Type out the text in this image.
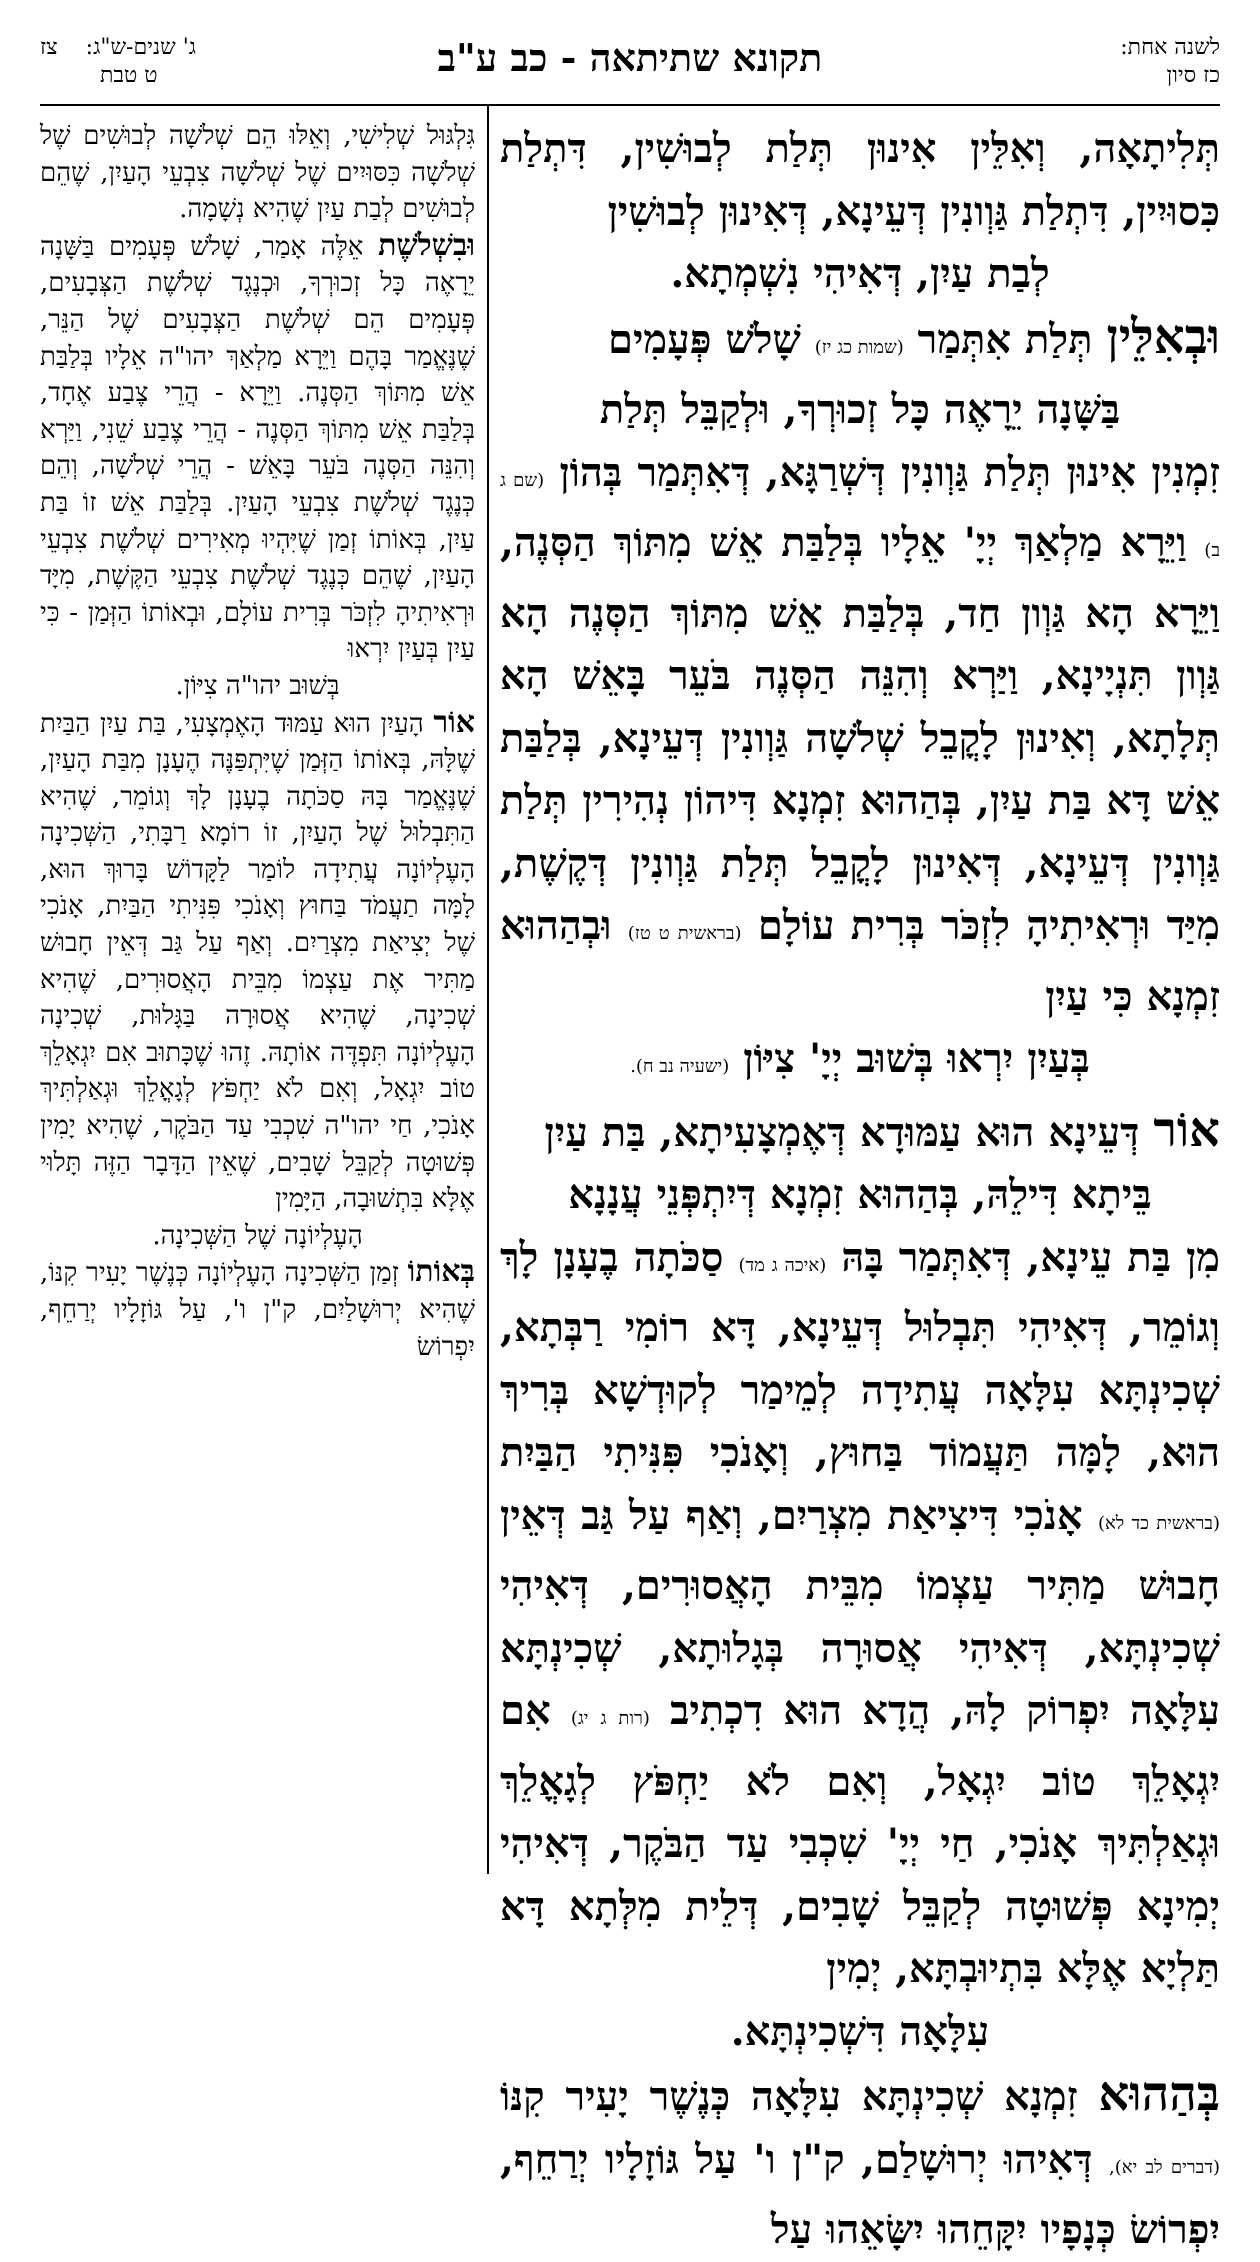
לשנה אחת:
כז סיון
תקונא שתיתאה - כב ע"ב
צז ג' שנים-ש"ג:
ט טבת

תְּלִיתָאָה, וְאִלֵּין אִינוּן תְּלַת לְבוּשִׁין, דִּתְלַת כִּסוּיִין, דִּתְלַת גַּוְונִין דְּעֵינָא, דְּאִינוּן לְבוּשִׁין

לְבַת עַיִן, דְּאִיהִי נִשְׁמְתָא.

וּבְאִלֵּין תְּלַת אִתְּמַר (שמות כג יז) שָׁלֹשׁ פְּעָמִים

בַּשָּׁנָה יֵרָאֶה כָּל זְכוּרְךָ, וּלְקַבֵּל תְּלַת

זִמְנִין אִינוּן תְּלַת גַּוְונִין דְּשְׁרַגָּא, דְּאִתְּמַר בְּהוֹן (שם ג ב) וַיֵּרָא מַלְאַךְ יְיָ' אֵלָיו בְּלַבַּת אֵשׁ מִתּוֹךְ הַסְּנֶה, וַיֵּרָא הָא גַּוְון חַד, בְּלַבַּת אֵשׁ מִתּוֹךְ הַסְּנֶה הָא גַּוְון תִּנְיָינָא, וַיַּרְא וְהִנֵּה הַסְּנֶה בֹּעֵר בָּאֵשׁ הָא תְּלָתָא, וְאִינוּן לָקֳבֵל שְׁלֹשָׁה גַּוְונִין דְּעֵינָא, בְּלַבַּת אֵשׁ דָּא בַּת עַיִן, בְּהַהוּא זִמְנָא דִּיהוֹן נְהִירִין תְּלַת גַּוְונִין דְּעֵינָא, דְּאִינוּן לָקֳבֵל תְּלַת גַּוְונִין דְּקֶשֶׁת, מִיַּד וּרְאִיתִיהָ לִזְכֹּר בְּרִית עוֹלָם (בראשית ט טז) וּבְהַהוּא זִמְנָא כִּי עַיִן

בְּעַיִן יִרְאוּ בְּשׁוּב יְיָ' צִיּוֹן (ישעיה נב ח).

אוֹר דְּעֵינָא הוּא עַמּוּדָא דְּאֶמְצָעִיתָא, בַּת עַיִן

בֵּיתָא דִּילֵהּ, בְּהַהוּא זִמְנָא דְּיִתְפְּנֵי עֲנָנָא

מִן בַּת עֵינָא, דְּאִתְּמַר בָּהּ (איכה ג מד) סַכֹּתָה בֶעָנָן לָךְ וְגוֹמֵר, דְּאִיהִי תִּבְלוּל דְּעֵינָא, דָּא רוֹמִי רַבְּתָא, שְׁכִינְתָּא עִלָּאָה עֲתִידָה לְמֵימַר לְקוּדְשָׁא בְּרִיךְ הוּא, לָמָּה תַּעֲמוֹד בַּחוּץ, וְאָנֹכִי פִּנִּיתִי הַבַּיִת (בראשית כד לא) אָנֹכִי דִּיצִיאַת מִצְרַיִם, וְאַף עַל גַּב דְּאֵין חָבוּשׁ מַתִּיר עַצְמוֹ מִבֵּית הָאֲסוּרִים, דְּאִיהִי שְׁכִינְתָּא, דְּאִיהִי אֲסוּרָה בְּגָלוּתָא, שְׁכִינְתָּא עִלָּאָה יִפְרוֹק לָהּ, הֲדָא הוּא דִכְתִיב (רות ג יג) אִם יִגְאָלֵךְ טוֹב יִגְאָל, וְאִם לֹא יַחְפֹּץ לְגָאֳלֵךְ וּגְאַלְתִּיךְ אָנֹכִי, חַי יְיָ' שִׁכְבִי עַד הַבֹּקֶר, דְּאִיהִי יְמִינָא פְּשׁוּטָה לְקַבֵּל שָׁבִים, דְּלֵית מִלְּתָא דָּא תַּלְיָא אֶלָּא בִּתְיוּבְתָּא, יְמִין

עִלָּאָה דִּשְׁכִינְתָּא.

בְּהַהוּא זִמְנָא שְׁכִינְתָּא עִלָּאָה כְּנֶשֶׁר יָעִיר קִנּוֹ (דברים לב יא), דְּאִיהוּ יְרוּשָׁלַם, ק"ן ו' עַל גּוֹזָלָיו יְרַחֵף, יִפְרוֹשׂ כְּנָפָיו יִקָּחֵהוּ יִשָּׂאֵהוּ עַל

גִּלְגּוּל שְׁלִישִׁי, וְאֵלּוּ הֵם שְׁלֹשָׁה לְבוּשִׁים שֶׁל שְׁלֹשָׁה כִּסּוּיִים שֶׁל שְׁלֹשָׁה צִבְעֵי הָעַיִן, שֶׁהֵם לְבוּשִׁים לְבַת עַיִן שֶׁהִיא נְשָׁמָה.

וּבִשְׁלֹשֶׁת אֵלֶּה אָמַר, שָׁלֹשׁ פְּעָמִים בַּשָּׁנָה יֵרָאֶה כָּל זְכוּרְךָ, וּכְנֶגֶד שְׁלֹשֶׁת הַצְּבָעִים, פְּעָמִים הֵם שְׁלֹשֶׁת הַצְּבָעִים שֶׁל הַנֵּר, שֶׁנֶּאֱמַר בָּהֶם וַיֵּרָא מַלְאַךְ יהו"ה אֵלָיו בְּלַבַּת אֵשׁ מִתּוֹךְ הַסְּנֶה. וַיֵּרָא - הֲרֵי צֶבַע אֶחָד, בְּלַבַּת אֵשׁ מִתּוֹךְ הַסְּנֶה - הֲרֵי צֶבַע שֵׁנִי, וַיַּרְא וְהִנֵּה הַסְּנֶה בֹּעֵר בָּאֵשׁ - הֲרֵי שְׁלֹשָׁה, וְהֵם כְּנֶגֶד שְׁלֹשֶׁת צִבְעֵי הָעַיִן. בְּלַבַּת אֵשׁ זוֹ בַּת עַיִן, בְּאוֹתוֹ זְמַן שֶׁיִּהְיוּ מְאִירִים שְׁלֹשֶׁת צִבְעֵי הָעַיִן, שֶׁהֵם כְּנֶגֶד שְׁלֹשֶׁת צִבְעֵי הַקֶּשֶׁת, מִיָּד וּרְאִיתִיהָ לִזְכֹּר בְּרִית עוֹלָם, וּבְאוֹתוֹ הַזְּמַן - כִּי עַיִן בְּעַיִן יִרְאוּ

בְּשׁוּב יהו"ה צִיּוֹן.

אוֹר הָעַיִן הוּא עַמּוּד הָאֶמְצָעִי, בַּת עַיִן הַבַּיִת שֶׁלָּהּ, בְּאוֹתוֹ הַזְּמַן שֶׁיִּתְפַּנֶּה הֶעָנָן מִבַּת הָעַיִן, שֶׁנֶּאֱמַר בָּהּ סַכֹּתָה בֶעָנָן לָךְ וְגוֹמֵר, שֶׁהִיא הַתִּבְלוּל שֶׁל הָעַיִן, זוֹ רוֹמָא רַבָּתִי, הַשְּׁכִינָה הָעֶלְיוֹנָה עֲתִידָה לוֹמַר לַקָּדוֹשׁ בָּרוּךְ הוּא, לָמָּה תַעֲמֹד בַּחוּץ וְאָנֹכִי פִּנִּיתִי הַבַּיִת, אָנֹכִי שֶׁל יְצִיאַת מִצְרַיִם. וְאַף עַל גַּב דְּאֵין חָבוּשׁ מַתִּיר אֶת עַצְמוֹ מִבֵּית הָאֲסוּרִים, שֶׁהִיא שְׁכִינָה, שֶׁהִיא אֲסוּרָה בַּגָּלוּת, שְׁכִינָה הָעֶלְיוֹנָה תִּפְדֶּה אוֹתָהּ. זֶהוּ שֶׁכָּתוּב אִם יִגְאָלֵךְ טוֹב יִגְאָל, וְאִם לֹא יַחְפֹּץ לְגָאֳלֵךְ וּגְאַלְתִּיךְ אָנֹכִי, חַי יהו"ה שִׁכְבִי עַד הַבֹּקֶר, שֶׁהִיא יָמִין פְּשׁוּטָה לְקַבֵּל שָׁבִים, שֶׁאֵין הַדָּבָר הַזֶּה תָּלוּי אֶלָּא בִּתְשׁוּבָה, הַיָּמִין

הָעֶלְיוֹנָה שֶׁל הַשְּׁכִינָה.

בְּאוֹתוֹ זְמַן הַשְּׁכִינָה הָעֶלְיוֹנָה כְּנֶשֶׁר יָעִיר קִנּוֹ, שֶׁהִיא יְרוּשָׁלַיִם, ק"ן ו', עַל גּוֹזָלָיו יְרַחֵף, יִפְרוֹשׂ
